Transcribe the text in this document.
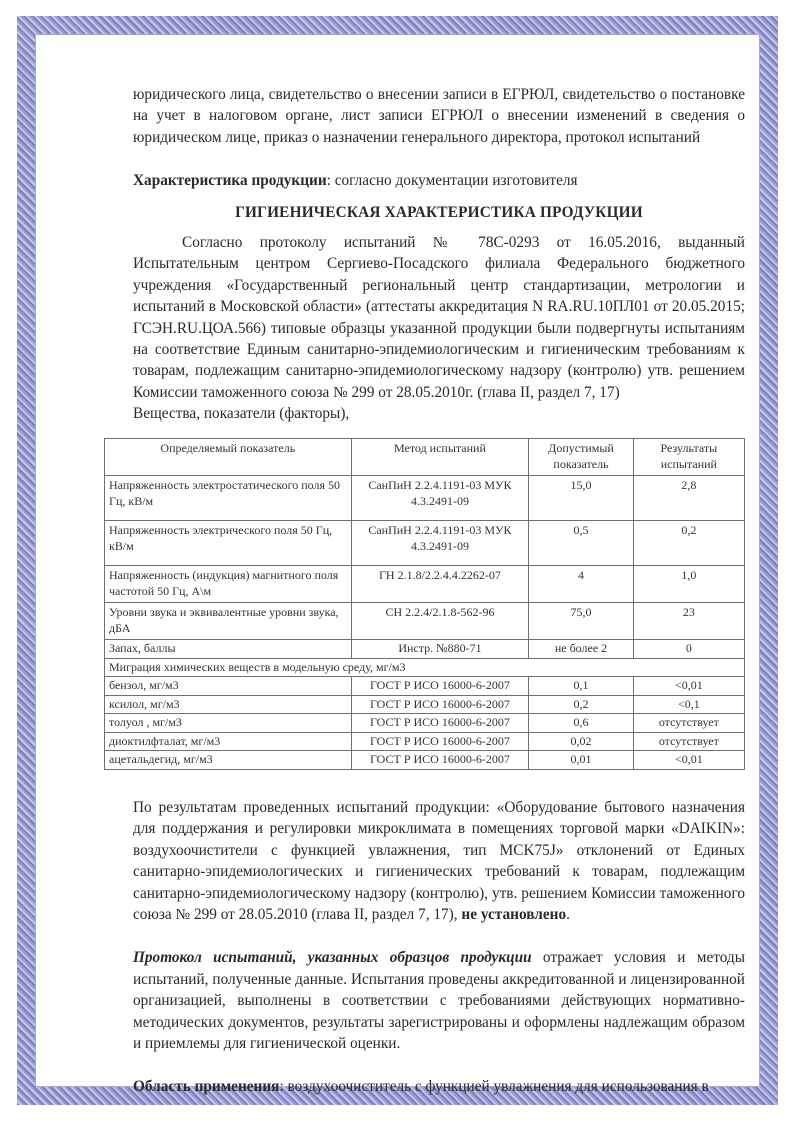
юридического лица, свидетельство о внесении записи в ЕГРЮЛ, свидетельство о постановке на учет в налоговом органе, лист записи ЕГРЮЛ о внесении изменений в сведения о юридическом лице, приказ о назначении генерального директора, протокол испытаний

Характеристика продукции: согласно документации изготовителя

ГИГИЕНИЧЕСКАЯ ХАРАКТЕРИСТИКА ПРОДУКЦИИ

Согласно протоколу испытаний № 78С-0293 от 16.05.2016, выданный Испытательным центром Сергиево-Посадского филиала Федерального бюджетного учреждения «Государственный региональный центр стандартизации, метрологии и испытаний в Московской области» (аттестаты аккредитация N RA.RU.10ПЛ01 от 20.05.2015; ГСЭН.RU.ЦОА.566) типовые образцы указанной продукции были подвергнуты испытаниям на соответствие Единым санитарно-эпидемиологическим и гигиеническим требованиям к товарам, подлежащим санитарно-эпидемиологическому надзору (контролю) утв. решением Комиссии таможенного союза № 299 от 28.05.2010г. (глава II, раздел 7, 17)

Вещества, показатели (факторы),

Определяемый показатель	Метод испытаний	Допустимый показатель	Результаты испытаний
Напряженность электростатического поля 50 Гц, кВ/м	СанПиН 2.2.4.1191-03 МУК 4.3.2491-09	15,0	2,8
Напряженность электрического поля 50 Гц, кВ/м	СанПиН 2.2.4.1191-03 МУК 4.3.2491-09	0,5	0,2
Напряженность (индукция) магнитного поля частотой 50 Гц, А\м	ГН 2.1.8/2.2.4.4.2262-07	4	1,0
Уровни звука и эквивалентные уровни звука, дБА	СН 2.2.4/2.1.8-562-96	75,0	23
Запах, баллы	Инстр. №880-71	не более 2	0
Миграция химических веществ в модельную среду, мг/м3			
бензол, мг/м3	ГОСТ Р ИСО 16000-6-2007	0,1	<0,01
ксилол, мг/м3	ГОСТ Р ИСО 16000-6-2007	0,2	<0,1
толуол , мг/м3	ГОСТ Р ИСО 16000-6-2007	0,6	отсутствует
диоктилфталат, мг/м3	ГОСТ Р ИСО 16000-6-2007	0,02	отсутствует
ацетальдегид, мг/м3	ГОСТ Р ИСО 16000-6-2007	0,01	<0,01

По результатам проведенных испытаний продукции: «Оборудование бытового назначения для поддержания и регулировки микроклимата в помещениях торговой марки «DAIKIN»: воздухоочистители с функцией увлажнения, тип MCK75J» отклонений от Единых санитарно-эпидемиологических и гигиенических требований к товарам, подлежащим санитарно-эпидемиологическому надзору (контролю), утв. решением Комиссии таможенного союза № 299 от 28.05.2010 (глава II, раздел 7, 17), не установлено.

Протокол испытаний, указанных образцов продукции отражает условия и методы испытаний, полученные данные. Испытания проведены аккредитованной и лицензированной организацией, выполнены в соответствии с требованиями действующих нормативно-методических документов, результаты зарегистрированы и оформлены надлежащим образом и приемлемы для гигиенической оценки.

Область применения: воздухоочиститель с функцией увлажнения для использования в
